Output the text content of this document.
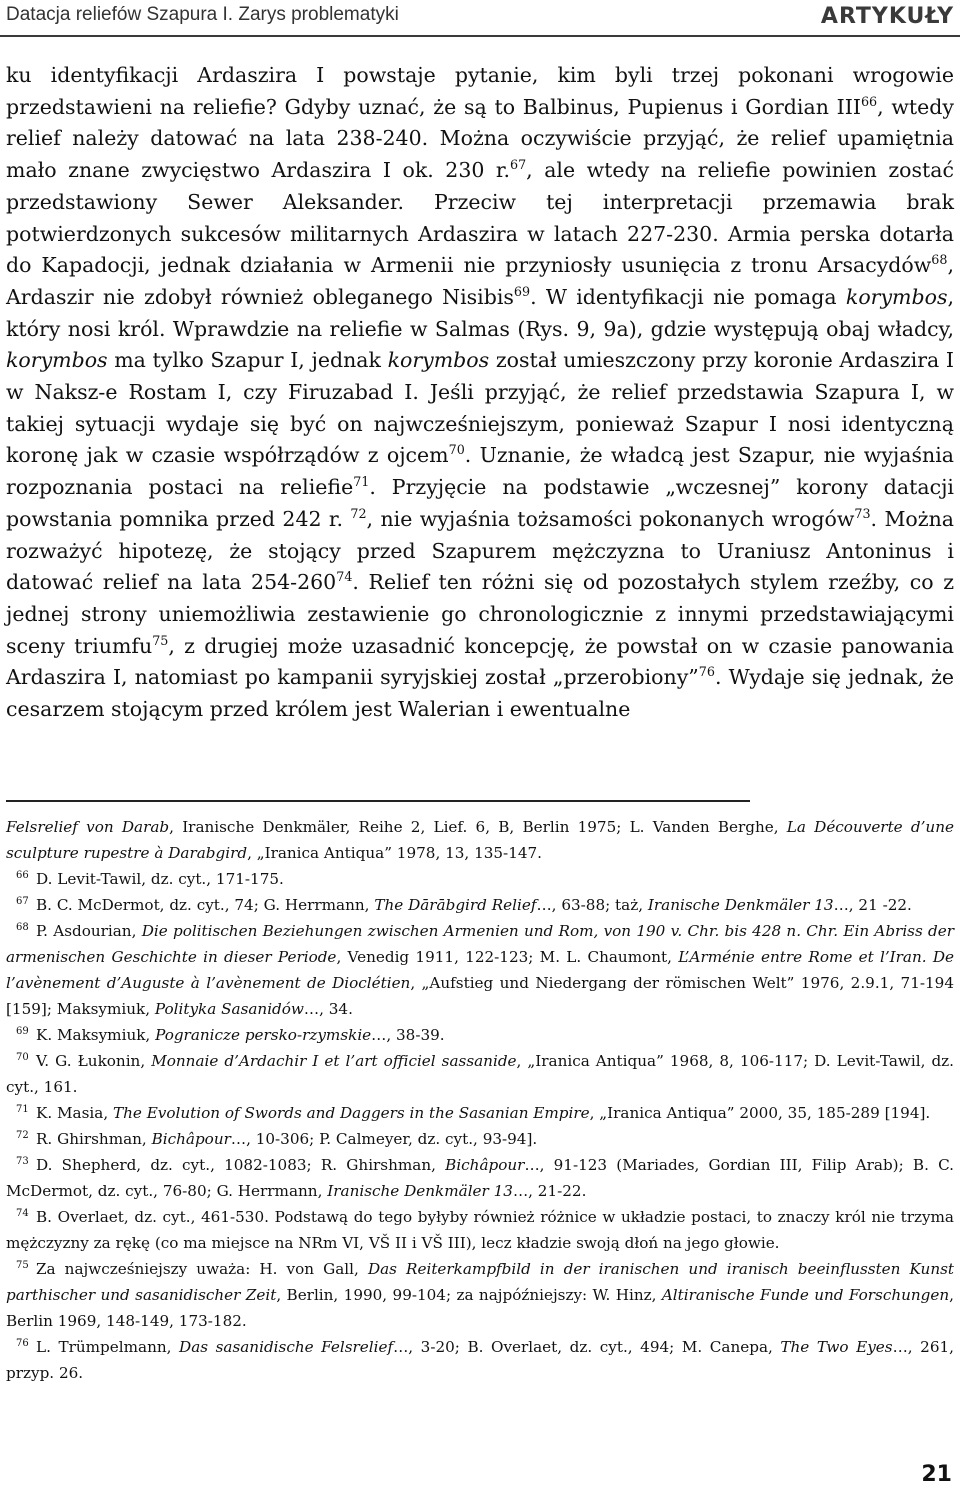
Datacja reliefów Szapura I. Zarys problematyki	ARTYKUŁY

ku identyfikacji Ardaszira I powstaje pytanie, kim byli trzej pokonani wrogowie przedstawieni na reliefie? Gdyby uznać, że są to Balbinus, Pupienus i Gordian III$^{66}$, wtedy relief należy datować na lata 238-240. Można oczywiście przyjąć, że relief upamiętnia mało znane zwycięstwo Ardaszira I ok. 230 r.$^{67}$, ale wtedy na reliefie powinien zostać przedstawiony Sewer Aleksander. Przeciw tej interpretacji przemawia brak potwierdzonych sukcesów militarnych Ardaszira w latach 227-230. Armia perska dotarła do Kapadocji, jednak działania w Armenii nie przyniosły usunięcia z tronu Arsacydów$^{68}$, Ardaszir nie zdobył również obleganego Nisibis$^{69}$. W identyfikacji nie pomaga korymbos, który nosi król. Wprawdzie na reliefie w Salmas (Rys. 9, 9a), gdzie występują obaj władcy, korymbos ma tylko Szapur I, jednak korymbos został umieszczony przy koronie Ardaszira I w Naksz-e Rostam I, czy Firuzabad I. Jeśli przyjąć, że relief przedstawia Szapura I, w takiej sytuacji wydaje się być on najwcześniejszym, ponieważ Szapur I nosi identyczną koronę jak w czasie współrządów z ojcem$^{70}$. Uznanie, że władcą jest Szapur, nie wyjaśnia rozpoznania postaci na reliefie$^{71}$. Przyjęcie na podstawie „wczesnej” korony datacji powstania pomnika przed 242 r. $^{72}$, nie wyjaśnia tożsamości pokonanych wrogów$^{73}$. Można rozważyć hipotezę, że stojący przed Szapurem mężczyzna to Uraniusz Antoninus i datować relief na lata $254-260^{74}$. Relief ten różni się od pozostałych stylem rzeźby, co z jednej strony uniemożliwia zestawienie go chronologicznie z innymi przedstawiającymi sceny triumfu$^{75}$, z drugiej może uzasadnić koncepcję, że powstał on w czasie panowania Ardaszira I, natomiast po kampanii syryjskiej został „przerobiony”$^{76}$. Wydaje się jednak, że cesarzem stojącym przed królem jest Walerian i ewentualne

Felsrelief von Darab, Iranische Denkmäler, Reihe 2, Lief. 6, B, Berlin 1975; L. Vanden Berghe, La Découverte d’une sculpture rupestre à Darabgird, „Iranica Antiqua” 1978, 13, 135-147.

66 D. Levit-Tawil, dz. cyt., 171-175.

67 B. C. McDermot, dz. cyt., 74; G. Herrmann, The Dārābgird Relief…, 63-88; taż, Iranische Denkmäler 13…, 21 -22.

68 P. Asdourian, Die politischen Beziehungen zwischen Armenien und Rom, von 190 v. Chr. bis 428 n. Chr. Ein Abriss der armenischen Geschichte in dieser Periode, Venedig 1911, 122-123; M. L. Chaumont, L’Arménie entre Rome et l’Iran. De l’avènement d’Auguste à l’avènement de Dioclétien, „Aufstieg und Niedergang der römischen Welt” 1976, 2.9.1, 71-194 [159]; Maksymiuk, Polityka Sasanidów…, 34.

69 K. Maksymiuk, Pogranicze persko-rzymskie…, 38-39.

70 V. G. Łukonin, Monnaie d’Ardachir I et l’art officiel sassanide, „Iranica Antiqua” 1968, 8, 106-117; D. Levit-Tawil, dz. cyt., 161.

71 K. Masia, The Evolution of Swords and Daggers in the Sasanian Empire, „Iranica Antiqua” 2000, 35, 185-289 [194].

72 R. Ghirshman, Bichâpour…, 10-306; P. Calmeyer, dz. cyt., 93-94].

73 D. Shepherd, dz. cyt., 1082-1083; R. Ghirshman, Bichâpour…, 91-123 (Mariades, Gordian III, Filip Arab); B. C. McDermot, dz. cyt., 76-80; G. Herrmann, Iranische Denkmäler 13…, 21-22.

74 B. Overlaet, dz. cyt., 461-530. Podstawą do tego byłyby również różnice w układzie postaci, to znaczy król nie trzyma mężczyzny za rękę (co ma miejsce na NRm VI, VŠ II i VŠ III), lecz kładzie swoją dłoń na jego głowie.

75 Za najwcześniejszy uważa: H. von Gall, Das Reiterkampfbild in der iranischen und iranisch beeinflussten Kunst parthischer und sasanidischer Zeit, Berlin, 1990, 99-104; za najpóźniejszy: W. Hinz, Altiranische Funde und Forschungen, Berlin 1969, 148-149, 173-182.

76 L. Trümpelmann, Das sasanidische Felsrelief…, 3-20; B. Overlaet, dz. cyt., 494; M. Canepa, The Two Eyes…, 261, przyp. 26.

21
